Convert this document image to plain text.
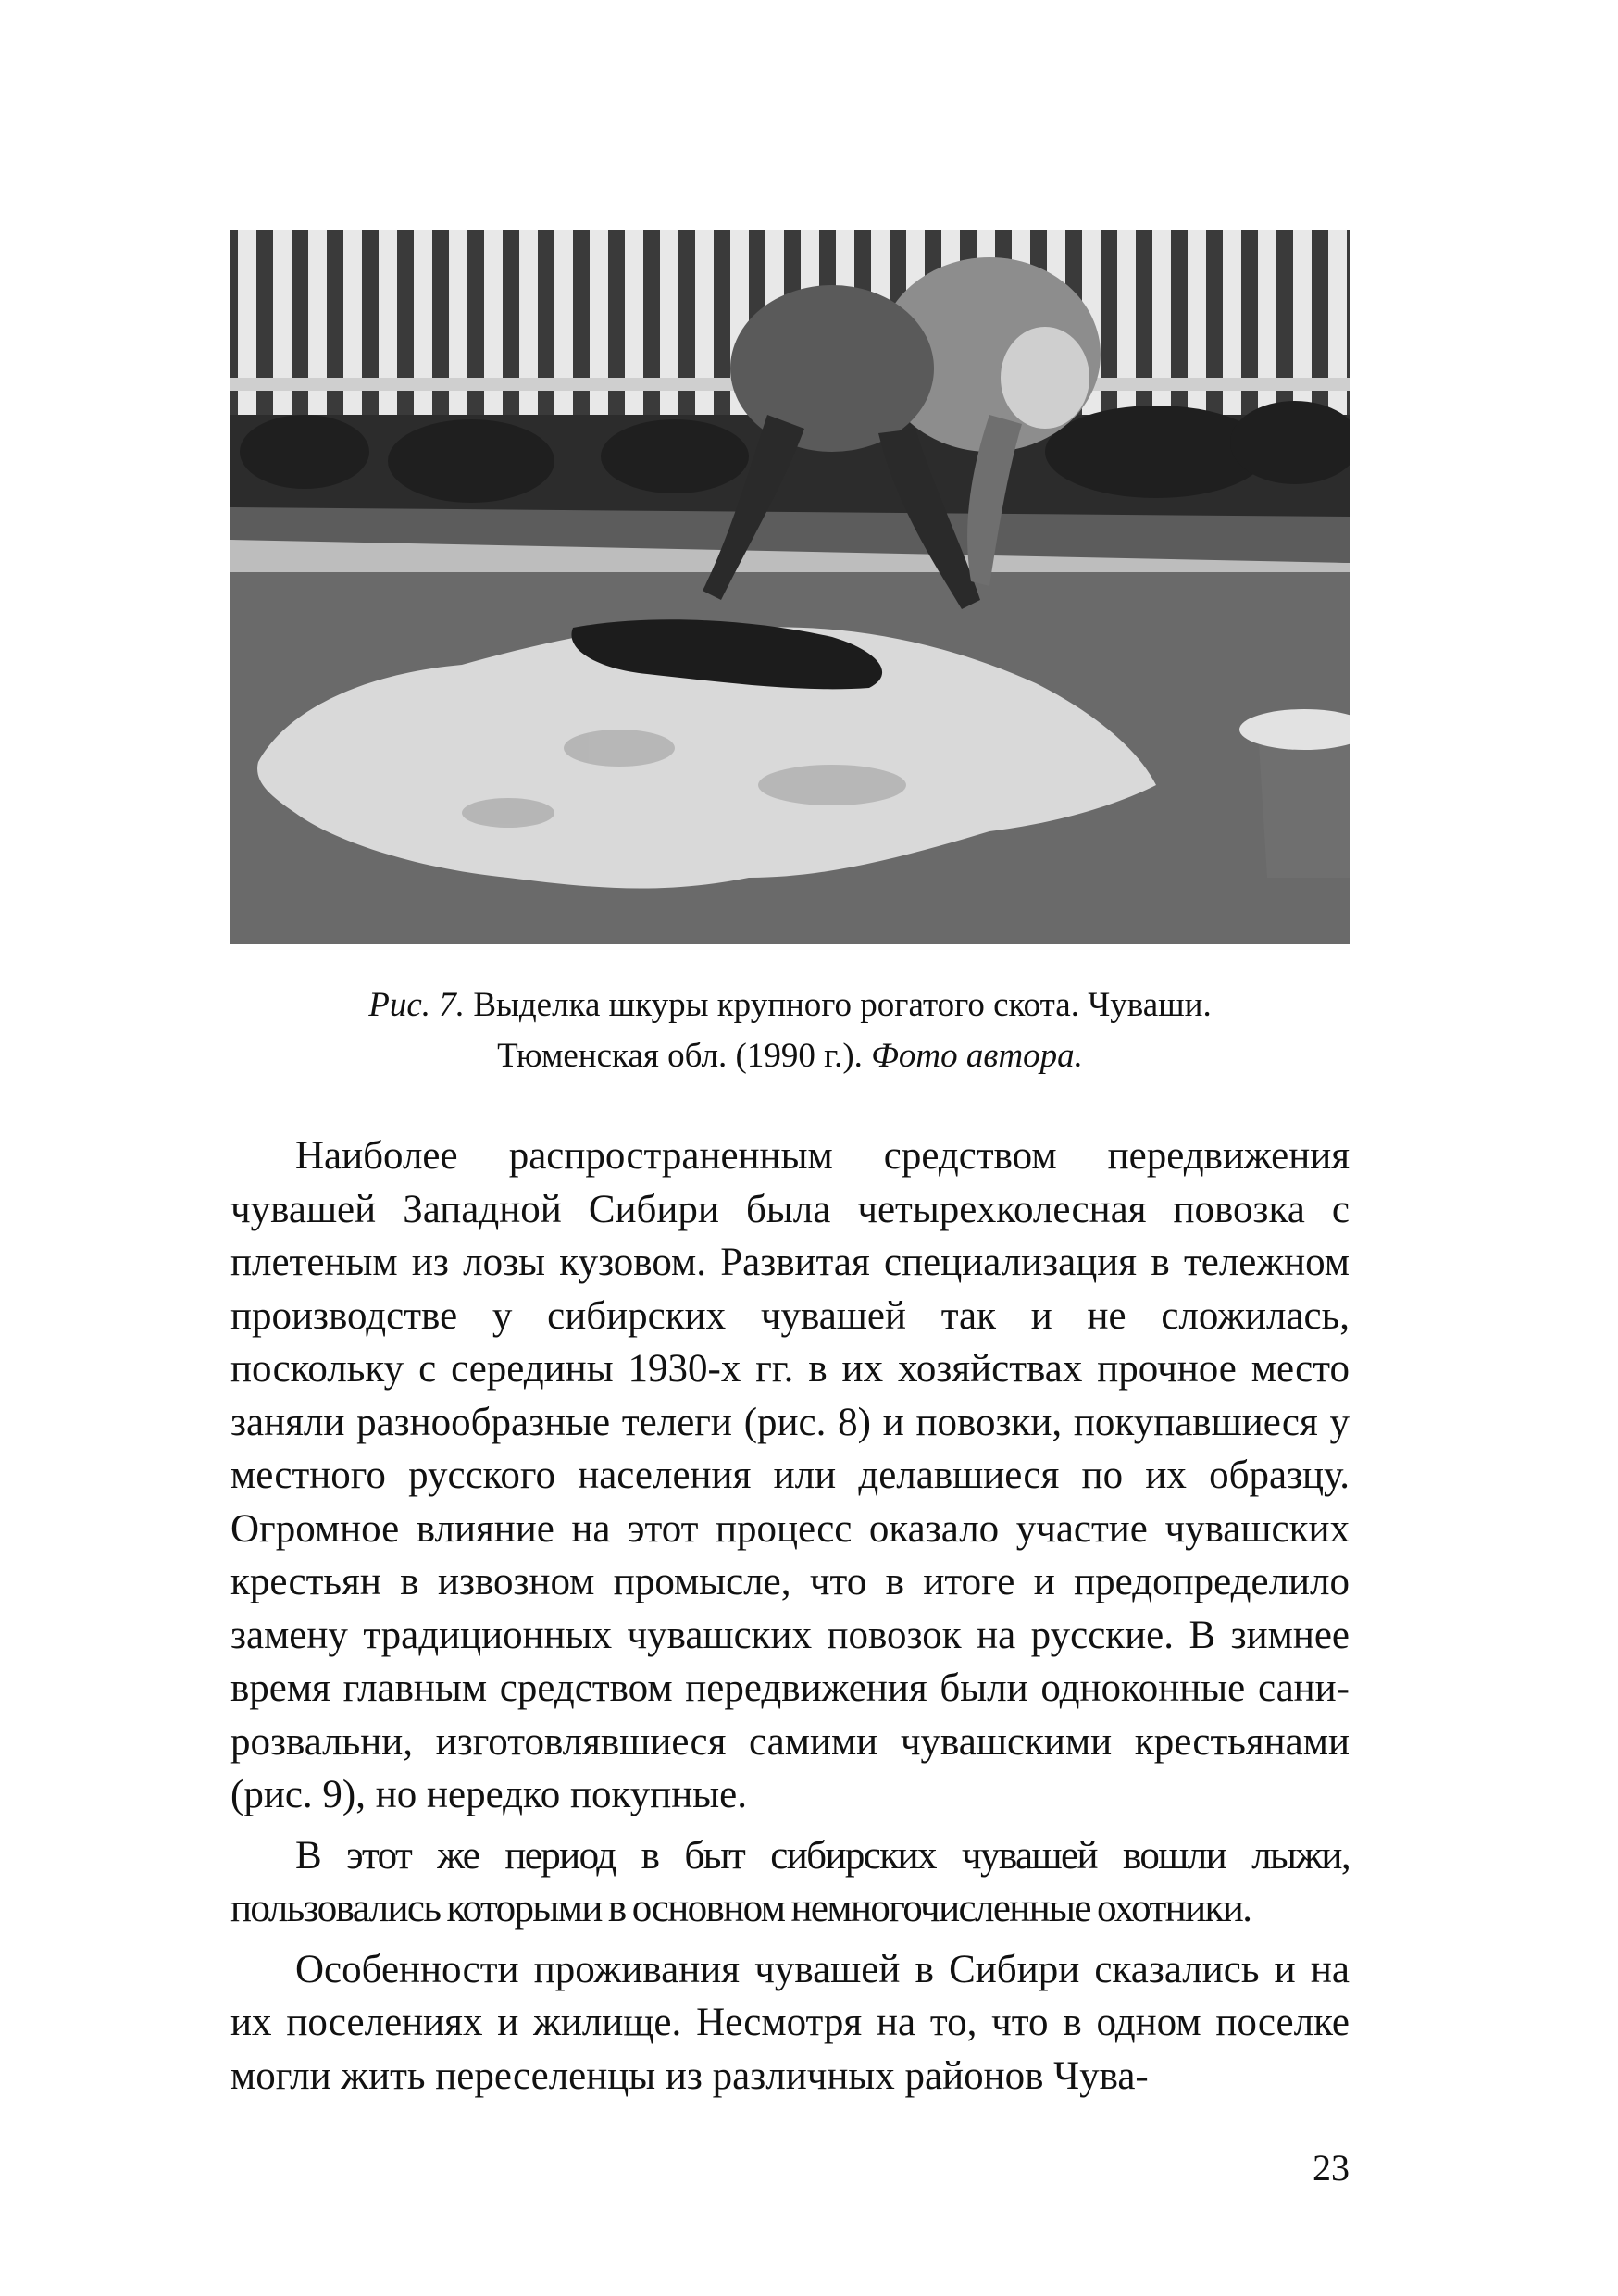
Рис. 7. Выделка шкуры крупного рогатого скота. Чуваши.
Тюменская обл. (1990 г.). Фото автора.

Наиболее распространенным средством передвижения чувашей Западной Сибири была четырехколесная повозка с плетеным из лозы кузовом. Развитая специализация в тележном производстве у сибирских чувашей так и не сложилась, поскольку с середины 1930-х гг. в их хозяйствах прочное место заняли разнообразные телеги (рис. 8) и повозки, покупавшиеся у местного русского населения или делавшиеся по их образцу. Огромное влияние на этот процесс оказало участие чувашских крестьян в извозном промысле, что в итоге и предопределило замену традиционных чувашских повозок на русские. В зимнее время главным средством передвижения были одноконные сани-розвальни, изготовлявшиеся самими чувашскими крестьянами (рис. 9), но нередко покупные.

В этот же период в быт сибирских чувашей вошли лыжи, пользовались которыми в основном немногочисленные охотники.

Особенности проживания чувашей в Сибири сказались и на их поселениях и жилище. Несмотря на то, что в одном поселке могли жить переселенцы из различных районов Чува-

23
